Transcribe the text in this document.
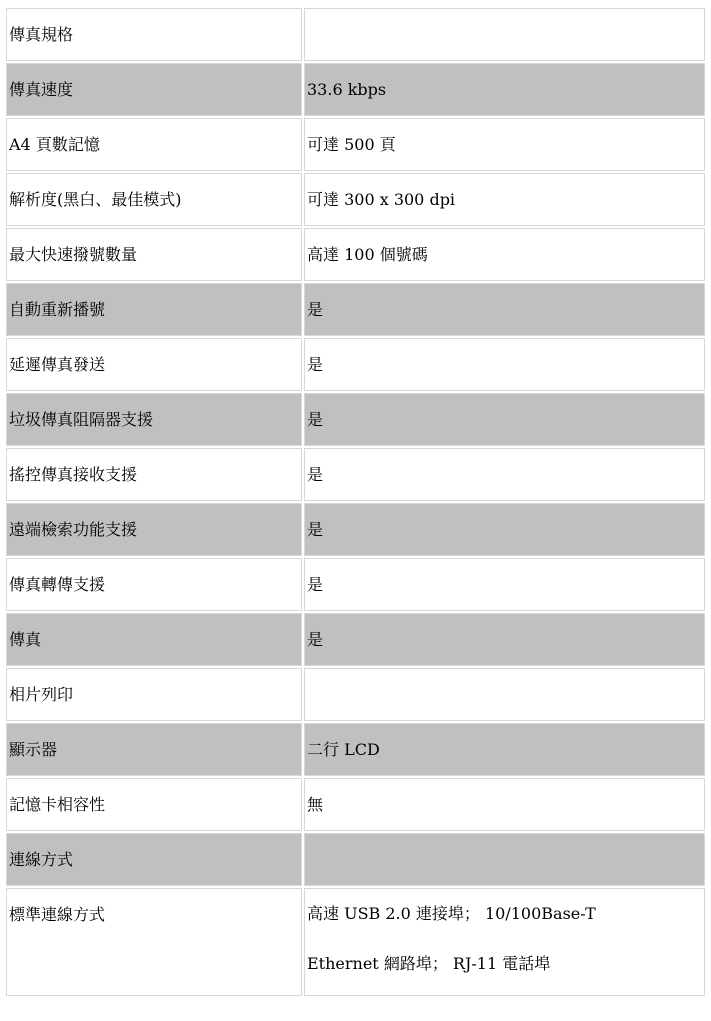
傳真規格	
傳真速度	33.6 kbps
A4 頁數記憶	可達 500 頁
解析度(黑白、最佳模式)	可達 300 x 300 dpi
最大快速撥號數量	高達 100 個號碼
自動重新播號	是
延遲傳真發送	是
垃圾傳真阻隔器支援	是
搖控傳真接收支援	是
遠端檢索功能支援	是
傳真轉傳支援	是
傳真	是
相片列印	
顯示器	二行 LCD
記憶卡相容性	無
連線方式	
標準連線方式	高速 USB 2.0 連接埠； 10/100Base-T
Ethernet 網路埠； RJ-11 電話埠
